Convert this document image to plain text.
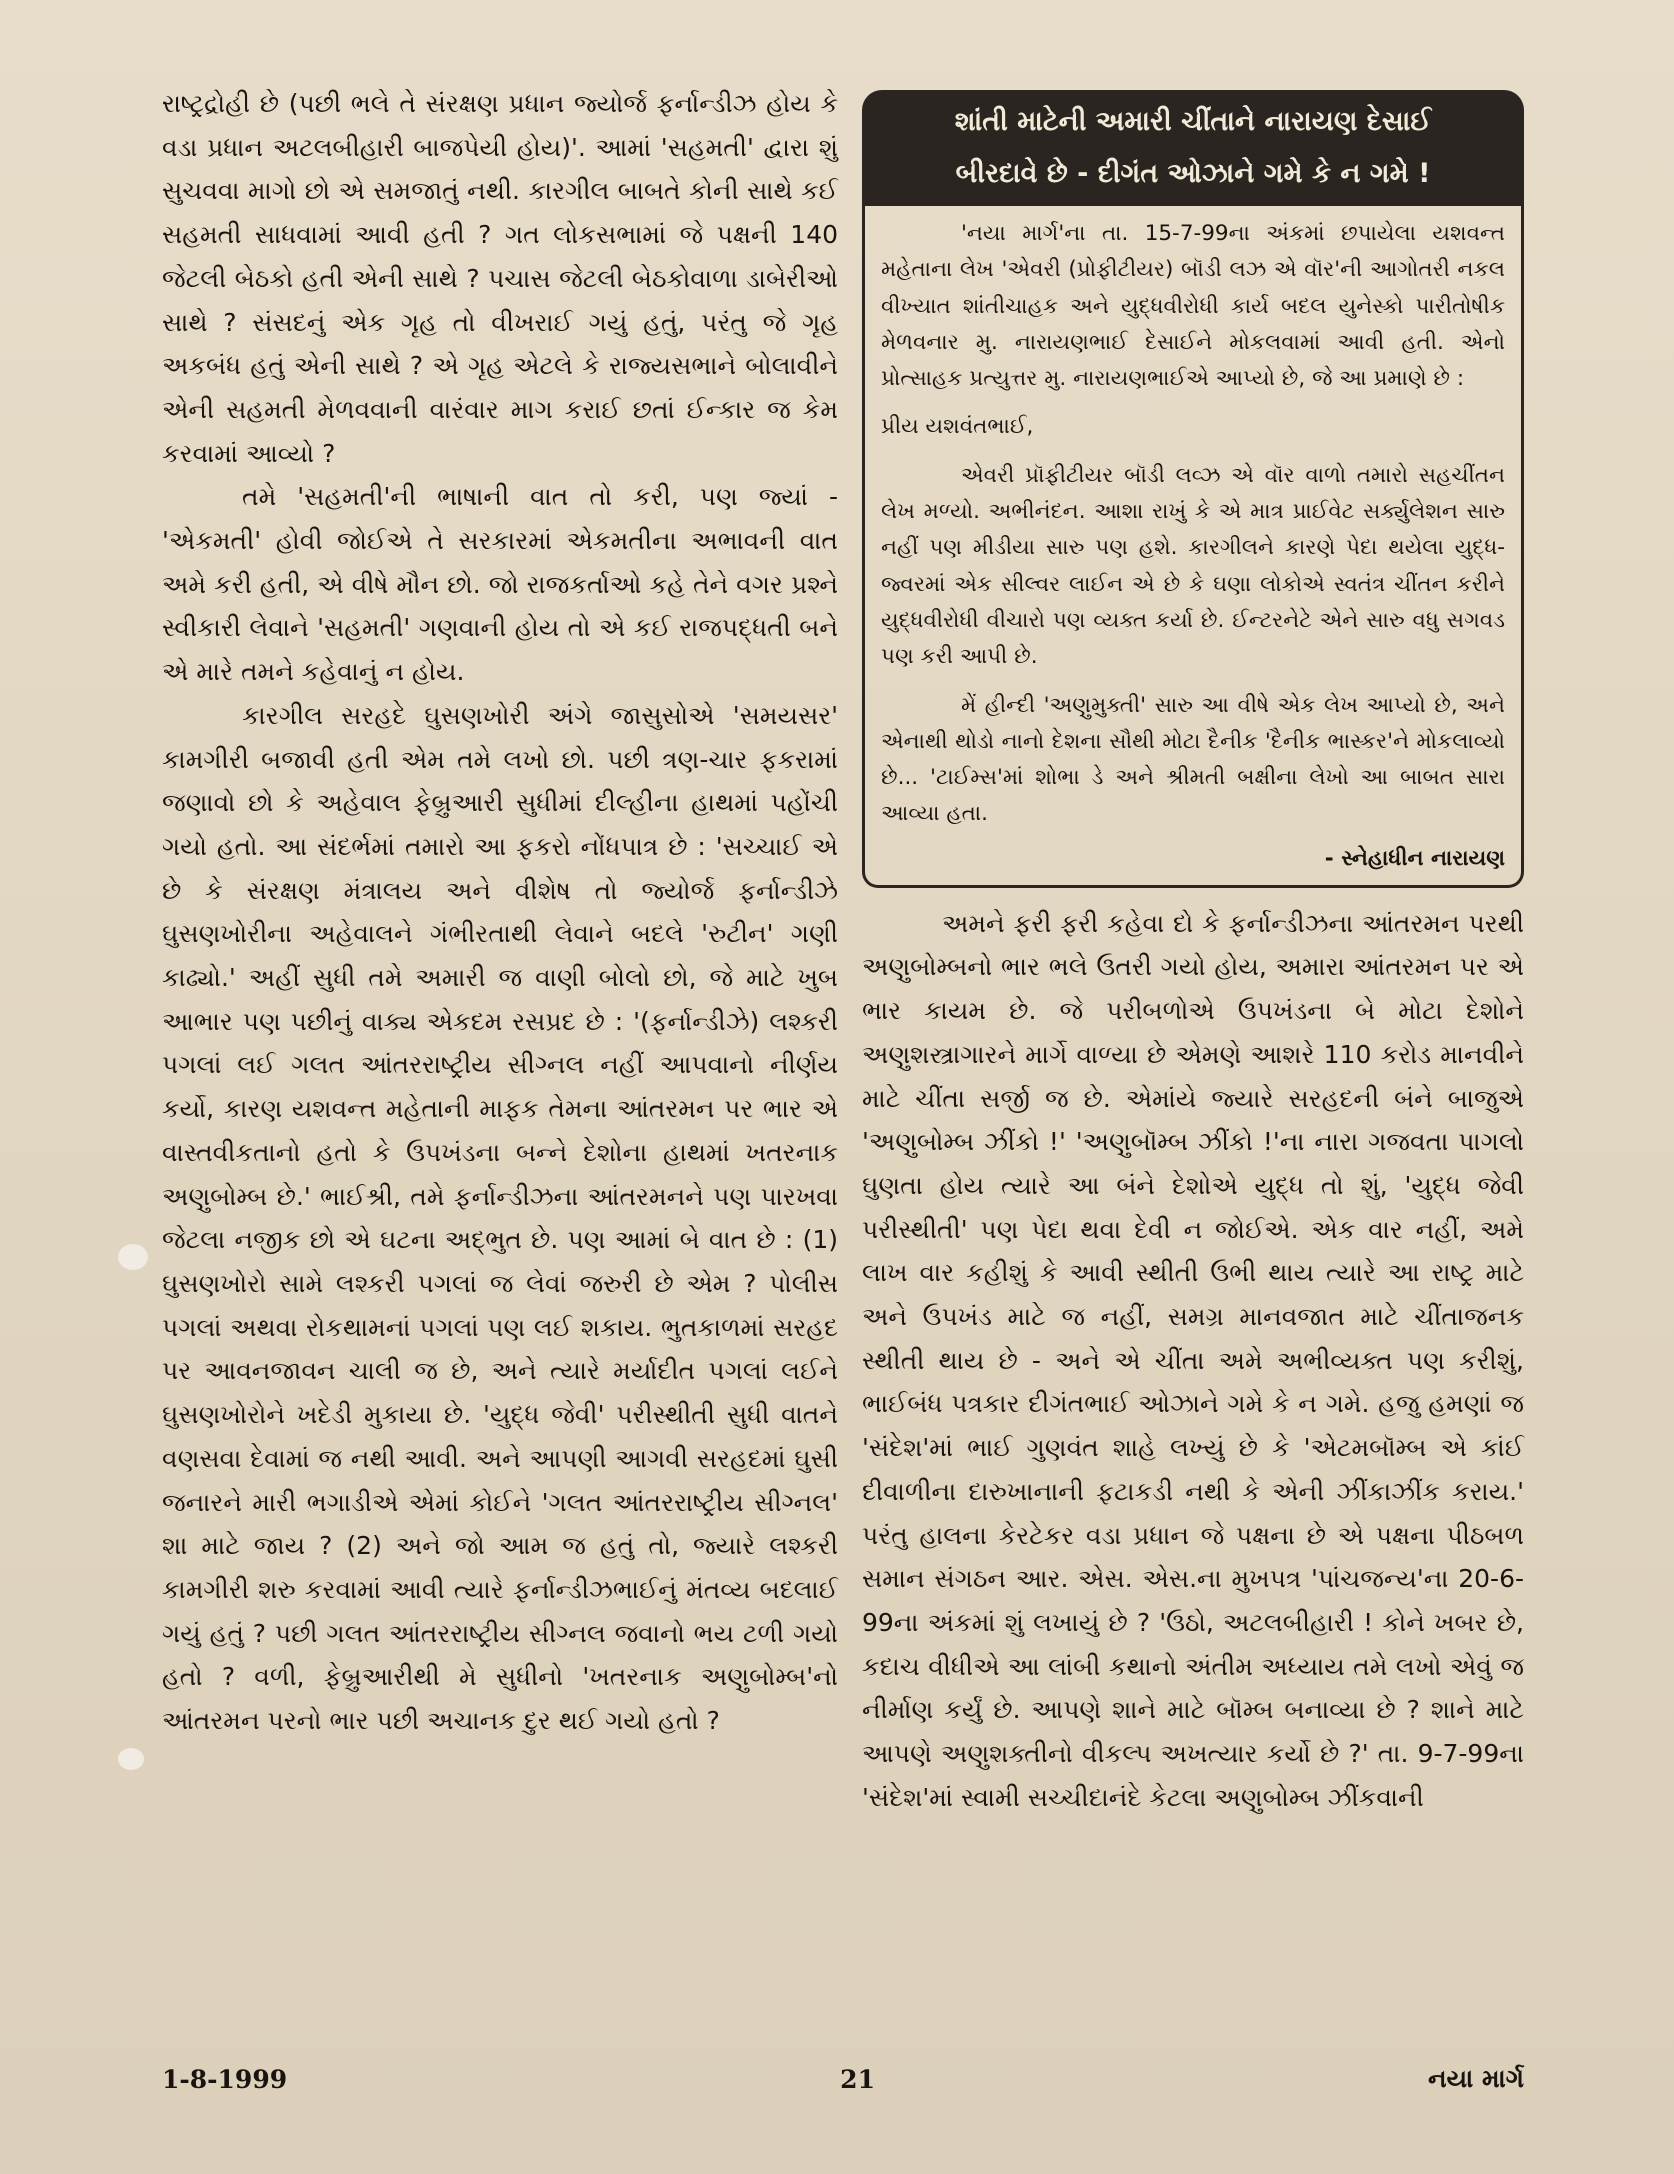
રાષ્ટ્રદ્રોહી છે (પછી ભલે તે સંરક્ષણ પ્રધાન જ્યોર્જ ફર્નાન્ડીઝ હોય કે વડા પ્રધાન અટલબીહારી બાજપેયી હોય)'. આમાં 'સહમતી' દ્વારા શું સુચવવા માગો છો એ સમજાતું નથી. કારગીલ બાબતે કોની સાથે કઈ સહમતી સાધવામાં આવી હતી ? ગત લોકસભામાં જે પક્ષની 140 જેટલી બેઠકો હતી એની સાથે ? પચાસ જેટલી બેઠકોવાળા ડાબેરીઓ સાથે ? સંસદનું એક ગૃહ તો વીખરાઈ ગયું હતું, પરંતુ જે ગૃહ અકબંધ હતું એની સાથે ? એ ગૃહ એટલે કે રાજ્યસભાને બોલાવીને એની સહમતી મેળવવાની વારંવાર માગ કરાઈ છતાં ઈન્કાર જ કેમ કરવામાં આવ્યો ?

તમે 'સહમતી'ની ભાષાની વાત તો કરી, પણ જ્યાં - 'એકમતી' હોવી જોઈએ તે સરકારમાં એકમતીના અભાવની વાત અમે કરી હતી, એ વીષે મૌન છો. જો રાજકર્તાઓ કહે તેને વગર પ્રશ્ને સ્વીકારી લેવાને 'સહમતી' ગણવાની હોય તો એ કઈ રાજપદ્ધતી બને એ મારે તમને કહેવાનું ન હોય.

કારગીલ સરહદે ઘુસણખોરી અંગે જાસુસોએ 'સમયસર' કામગીરી બજાવી હતી એમ તમે લખો છો. પછી ત્રણ-ચાર ફકરામાં જણાવો છો કે અહેવાલ ફેબ્રુઆરી સુધીમાં દીલ્હીના હાથમાં પહોંચી ગયો હતો. આ સંદર્ભમાં તમારો આ ફકરો નોંધપાત્ર છે : 'સચ્ચાઈ એ છે કે સંરક્ષણ મંત્રાલય અને વીશેષ તો જ્યોર્જ ફર્નાન્ડીઝે ઘુસણખોરીના અહેવાલને ગંભીરતાથી લેવાને બદલે 'રુટીન' ગણી કાઢ્યો.' અહીં સુધી તમે અમારી જ વાણી બોલો છો, જે માટે ખુબ આભાર પણ પછીનું વાક્ય એકદમ રસપ્રદ છે : '(ફર્નાન્ડીઝે) લશ્કરી પગલાં લઈ ગલત આંતરરાષ્ટ્રીય સીગ્નલ નહીં આપવાનો નીર્ણય કર્યો, કારણ યશવન્ત મહેતાની માફક તેમના આંતરમન પર ભાર એ વાસ્તવીકતાનો હતો કે ઉપખંડના બન્ને દેશોના હાથમાં ખતરનાક અણુબોમ્બ છે.' ભાઈશ્રી, તમે ફર્નાન્ડીઝના આંતરમનને પણ પારખવા જેટલા નજીક છો એ ઘટના અદ્ભુત છે. પણ આમાં બે વાત છે : (1) ઘુસણખોરો સામે લશ્કરી પગલાં જ લેવાં જરુરી છે એમ ? પોલીસ પગલાં અથવા રોકથામનાં પગલાં પણ લઈ શકાય. ભુતકાળમાં સરહદ પર આવનજાવન ચાલી જ છે, અને ત્યારે મર્યાદીત પગલાં લઈને ઘુસણખોરોને ખદેડી મુકાયા છે. 'યુદ્ધ જેવી' પરીસ્થીતી સુધી વાતને વણસવા દેવામાં જ નથી આવી. અને આપણી આગવી સરહદમાં ઘુસી જનારને મારી ભગાડીએ એમાં કોઈને 'ગલત આંતરરાષ્ટ્રીય સીગ્નલ' શા માટે જાય ? (2) અને જો આમ જ હતું તો, જ્યારે લશ્કરી કામગીરી શરુ કરવામાં આવી ત્યારે ફર્નાન્ડીઝભાઈનું મંતવ્ય બદલાઈ ગયું હતું ? પછી ગલત આંતરરાષ્ટ્રીય સીગ્નલ જવાનો ભય ટળી ગયો હતો ? વળી, ફેબ્રુઆરીથી મે સુધીનો 'ખતરનાક અણુબોમ્બ'નો આંતરમન પરનો ભાર પછી અચાનક દુર થઈ ગયો હતો ?

શાંતી માટેની અમારી ચીંતાને નારાયણ દેસાઈ
બીરદાવે છે - દીગંત ઓઝાને ગમે કે ન ગમે !

'નયા માર્ગ'ના તા. 15-7-99ના અંકમાં છપાયેલા યશવન્ત મહેતાના લેખ 'એવરી (પ્રોફીટીયર) બૉડી લઝ એ વૉર'ની આગોતરી નકલ વીખ્યાત શાંતીચાહક અને યુદ્ધવીરોધી કાર્ય બદલ યુનેસ્કો પારીતોષીક મેળવનાર મુ. નારાયણભાઈ દેસાઈને મોકલવામાં આવી હતી. એનો પ્રોત્સાહક પ્રત્યુત્તર મુ. નારાયણભાઈએ આપ્યો છે, જે આ પ્રમાણે છે :

પ્રીય યશવંતભાઈ,

એવરી પ્રૉફીટીયર બૉડી લવ્ઝ એ વૉર વાળો તમારો સહચીંતન લેખ મળ્યો. અભીનંદન. આશા રાખું કે એ માત્ર પ્રાઈવેટ સર્ક્યુલેશન સારુ નહીં પણ મીડીયા સારુ પણ હશે. કારગીલને કારણે પેદા થયેલા યુદ્ધ-જ્વરમાં એક સીલ્વર લાઈન એ છે કે ઘણા લોકોએ સ્વતંત્ર ચીંતન કરીને યુદ્ધવીરોધી વીચારો પણ વ્યક્ત કર્યા છે. ઈન્ટરનેટે એને સારુ વધુ સગવડ પણ કરી આપી છે.

મેં હીન્દી 'અણુમુક્તી' સારુ આ વીષે એક લેખ આપ્યો છે, અને એનાથી થોડો નાનો દેશના સૌથી મોટા દૈનીક 'દૈનીક ભાસ્કર'ને મોકલાવ્યો છે... 'ટાઈમ્સ'માં શોભા ડે અને શ્રીમતી બક્ષીના લેખો આ બાબત સારા આવ્યા હતા.

- સ્નેહાધીન નારાયણ

અમને ફરી ફરી કહેવા દો કે ફર્નાન્ડીઝના આંતરમન પરથી અણુબોમ્બનો ભાર ભલે ઉતરી ગયો હોય, અમારા આંતરમન પર એ ભાર કાયમ છે. જે પરીબળોએ ઉપખંડના બે મોટા દેશોને અણુશસ્ત્રાગારને માર્ગે વાળ્યા છે એમણે આશરે 110 કરોડ માનવીને માટે ચીંતા સર્જી જ છે. એમાંયે જ્યારે સરહદની બંને બાજુએ 'અણુબોમ્બ ઝીંકો !' 'અણુબૉમ્બ ઝીંકો !'ના નારા ગજવતા પાગલો ઘુણતા હોય ત્યારે આ બંને દેશોએ યુદ્ધ તો શું, 'યુદ્ધ જેવી પરીસ્થીતી' પણ પેદા થવા દેવી ન જોઈએ. એક વાર નહીં, અમે લાખ વાર કહીશું કે આવી સ્થીતી ઉભી થાય ત્યારે આ રાષ્ટ્ર માટે અને ઉપખંડ માટે જ નહીં, સમગ્ર માનવજાત માટે ચીંતાજનક સ્થીતી થાય છે - અને એ ચીંતા અમે અભીવ્યક્ત પણ કરીશું, ભાઈબંધ પત્રકાર દીગંતભાઈ ઓઝાને ગમે કે ન ગમે. હજુ હમણાં જ 'સંદેશ'માં ભાઈ ગુણવંત શાહે લખ્યું છે કે 'એટમબૉમ્બ એ કાંઈ દીવાળીના દારુખાનાની ફટાકડી નથી કે એની ઝીંકાઝીંક કરાય.' પરંતુ હાલના કેરટેકર વડા પ્રધાન જે પક્ષના છે એ પક્ષના પીઠબળ સમાન સંગઠન આર. એસ. એસ.ના મુખપત્ર 'પાંચજન્ય'ના 20-6-99ના અંકમાં શું લખાયું છે ? 'ઉઠો, અટલબીહારી ! કોને ખબર છે, કદાચ વીધીએ આ લાંબી કથાનો અંતીમ અધ્યાય તમે લખો એવું જ નીર્માણ કર્યું છે. આપણે શાને માટે બૉમ્બ બનાવ્યા છે ? શાને માટે આપણે અણુશક્તીનો વીકલ્પ અખત્યાર કર્યો છે ?' તા. 9-7-99ના 'સંદેશ'માં સ્વામી સચ્ચીદાનંદે કેટલા અણુબોમ્બ ઝીંકવાની

1-8-1999	21	નયા માર્ગ
